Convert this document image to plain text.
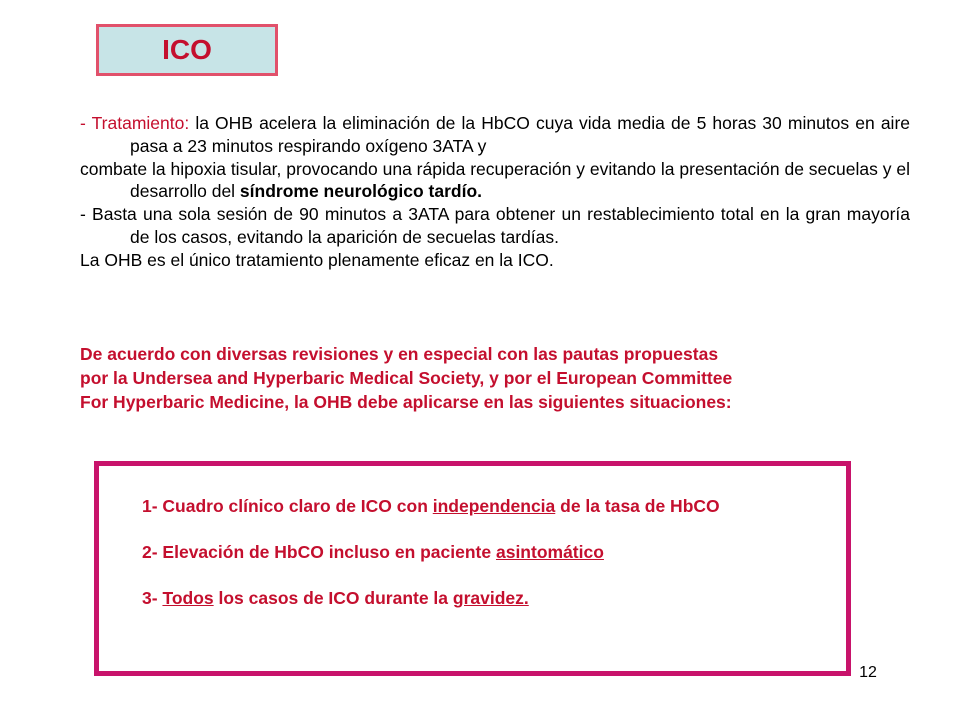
ICO
- Tratamiento: la OHB acelera la eliminación de la HbCO cuya vida media de 5 horas 30 minutos en aire pasa a 23 minutos respirando oxígeno 3ATA y
combate la hipoxia tisular, provocando una rápida recuperación y evitando la presentación de secuelas y el desarrollo del síndrome neurológico tardío.
- Basta una sola sesión de 90 minutos a 3ATA para obtener un restablecimiento total en la gran mayoría de los casos, evitando la aparición de secuelas tardías.
La OHB es el único tratamiento plenamente eficaz en la ICO.
De acuerdo con diversas revisiones y en especial con las pautas propuestas
por la Undersea and Hyperbaric Medical Society, y por el European Committee
For Hyperbaric Medicine, la OHB debe aplicarse en las siguientes situaciones:
1- Cuadro clínico claro de ICO con independencia de la tasa de HbCO
2- Elevación de HbCO incluso en paciente asintomático
3- Todos los casos de ICO durante la gravidez.
12
